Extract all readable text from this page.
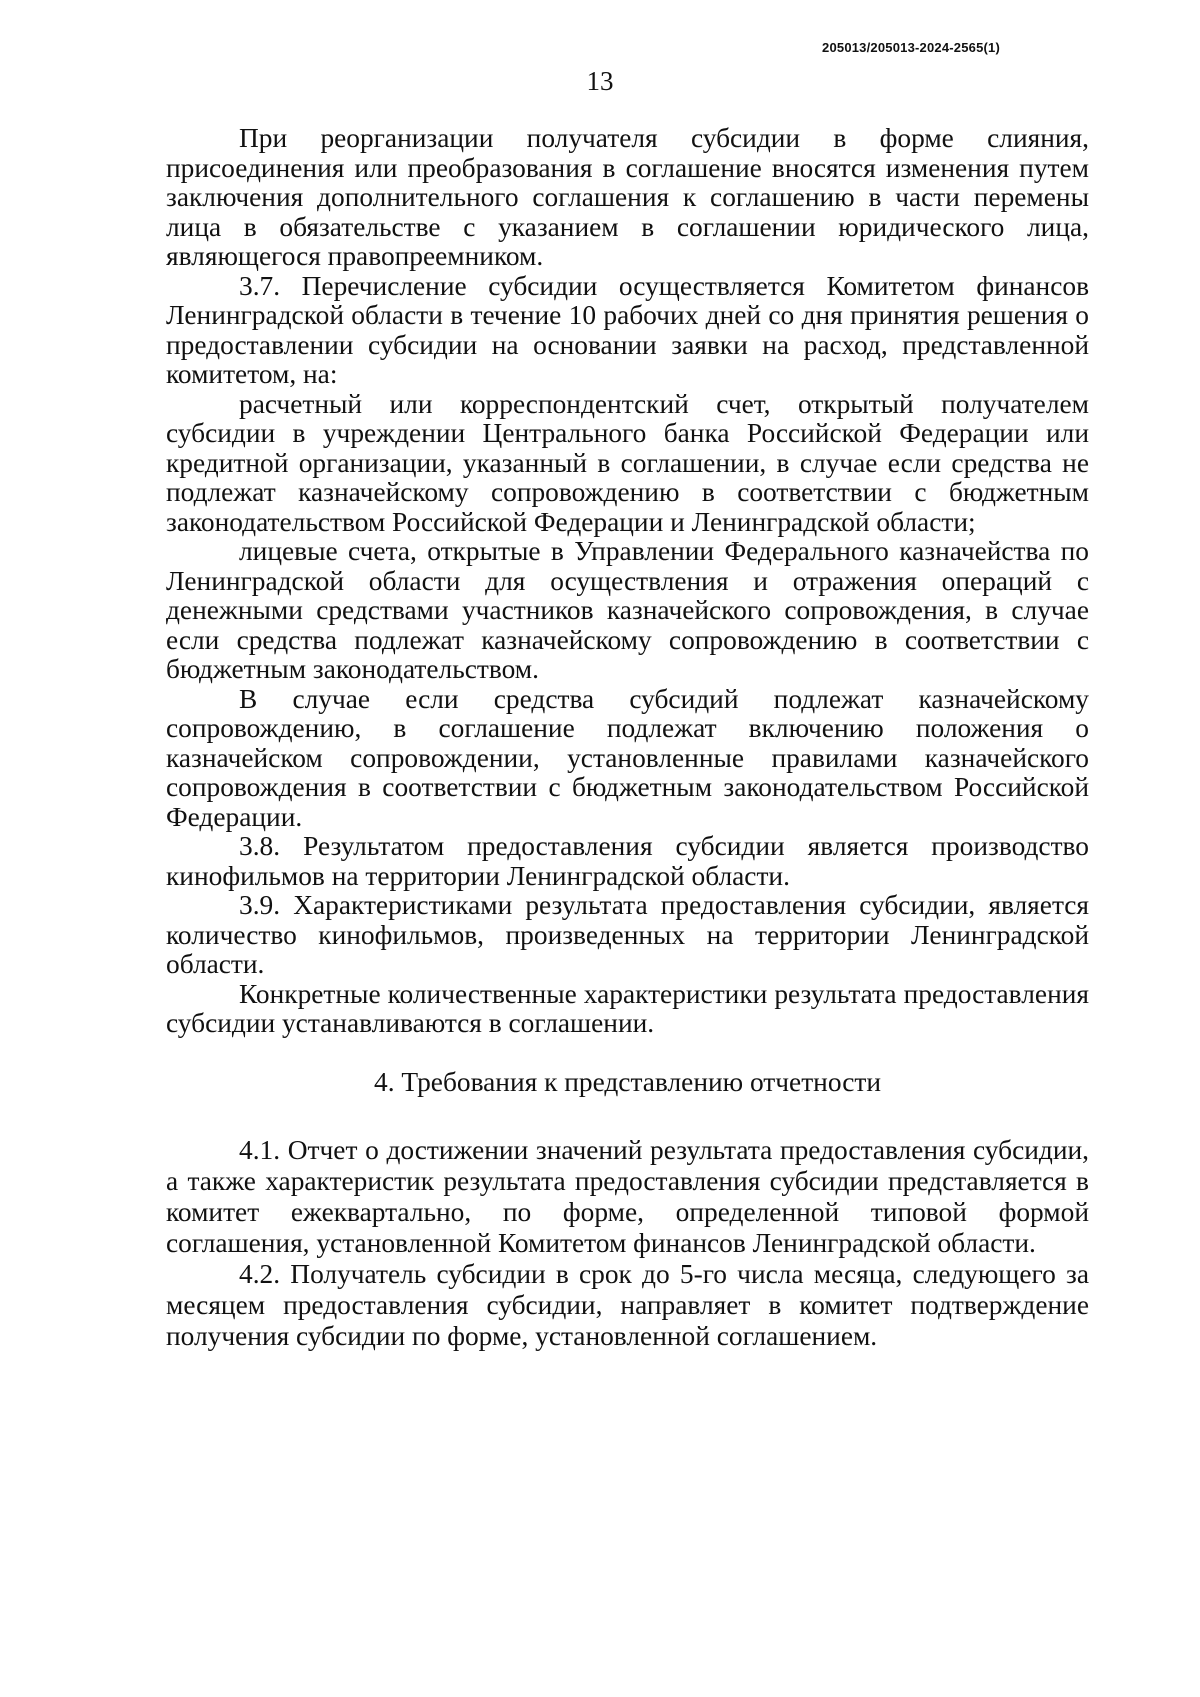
205013/205013-2024-2565(1)
13

При реорганизации получателя субсидии в форме слияния, присоединения или преобразования в соглашение вносятся изменения путем заключения дополнительного соглашения к соглашению в части перемены лица в обязательстве с указанием в соглашении юридического лица, являющегося правопреемником.

3.7. Перечисление субсидии осуществляется Комитетом финансов Ленинградской области в течение 10 рабочих дней со дня принятия решения о предоставлении субсидии на основании заявки на расход, представленной комитетом, на:

расчетный или корреспондентский счет, открытый получателем субсидии в учреждении Центрального банка Российской Федерации или кредитной организации, указанный в соглашении, в случае если средства не подлежат казначейскому сопровождению в соответствии с бюджетным законодательством Российской Федерации и Ленинградской области;

лицевые счета, открытые в Управлении Федерального казначейства по Ленинградской области для осуществления и отражения операций с денежными средствами участников казначейского сопровождения, в случае если средства подлежат казначейскому сопровождению в соответствии с бюджетным законодательством.

В случае если средства субсидий подлежат казначейскому сопровождению, в соглашение подлежат включению положения о казначейском сопровождении, установленные правилами казначейского сопровождения в соответствии с бюджетным законодательством Российской Федерации.

3.8. Результатом предоставления субсидии является производство кинофильмов на территории Ленинградской области.

3.9. Характеристиками результата предоставления субсидии, является количество кинофильмов, произведенных на территории Ленинградской области.

Конкретные количественные характеристики результата предоставления субсидии устанавливаются в соглашении.

4. Требования к представлению отчетности

4.1. Отчет о достижении значений результата предоставления субсидии, а также характеристик результата предоставления субсидии представляется в комитет ежеквартально, по форме, определенной типовой формой соглашения, установленной Комитетом финансов Ленинградской области.

4.2. Получатель субсидии в срок до 5-го числа месяца, следующего за месяцем предоставления субсидии, направляет в комитет подтверждение получения субсидии по форме, установленной соглашением.
